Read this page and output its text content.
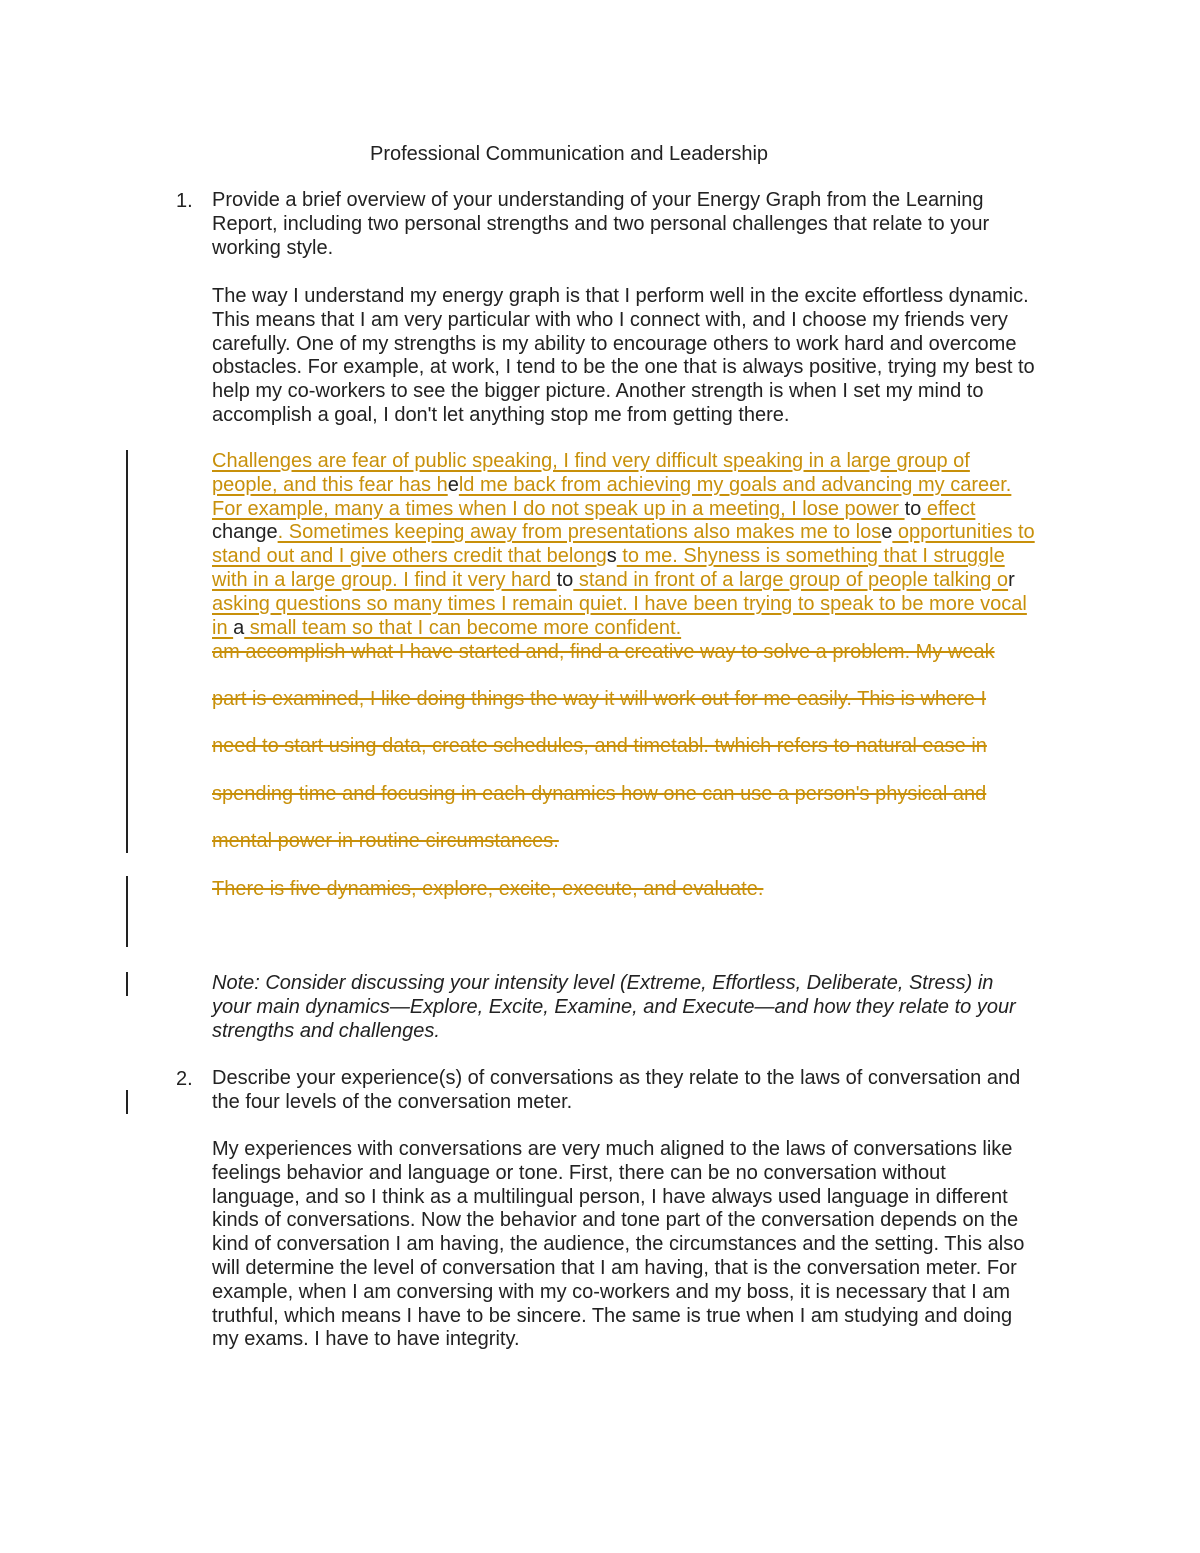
Professional Communication and Leadership
1. Provide a brief overview of your understanding of your Energy Graph from the Learning
Report, including two personal strengths and two personal challenges that relate to your
working style.
The way I understand my energy graph is that I perform well in the excite effortless dynamic.
This means that I am very particular with who I connect with, and I choose my friends very
carefully. One of my strengths is my ability to encourage others to work hard and overcome
obstacles. For example, at work, I tend to be the one that is always positive, trying my best to
help my co-workers to see the bigger picture. Another strength is when I set my mind to
accomplish a goal, I don't let anything stop me from getting there.
Challenges are fear of public speaking, I find very difficult speaking in a large group of
people, and this fear has held me back from achieving my goals and advancing my career.
For example, many a times when I do not speak up in a meeting, I lose power to effect
change. Sometimes keeping away from presentations also makes me to lose opportunities to
stand out and I give others credit that belongs to me. Shyness is something that I struggle
with in a large group. I find it very hard to stand in front of a large group of people talking or
asking questions so many times I remain quiet. I have been trying to speak to be more vocal
in a small team so that I can become more confident.
am accomplish what I have started and, find a creative way to solve a problem. My weak
part is examined, I like doing things the way it will work out for me easily. This is where I
need to start using data, create schedules, and timetabl. twhich refers to natural ease in
spending time and focusing in each dynamics how one can use a person's physical and
mental power in routine circumstances.
There is five dynamics, explore, excite, execute, and evaluate.
Note: Consider discussing your intensity level (Extreme, Effortless, Deliberate, Stress) in
your main dynamics—Explore, Excite, Examine, and Execute—and how they relate to your
strengths and challenges.
2. Describe your experience(s) of conversations as they relate to the laws of conversation and
the four levels of the conversation meter.
My experiences with conversations are very much aligned to the laws of conversations like
feelings behavior and language or tone. First, there can be no conversation without
language, and so I think as a multilingual person, I have always used language in different
kinds of conversations. Now the behavior and tone part of the conversation depends on the
kind of conversation I am having, the audience, the circumstances and the setting. This also
will determine the level of conversation that I am having, that is the conversation meter. For
example, when I am conversing with my co-workers and my boss, it is necessary that I am
truthful, which means I have to be sincere. The same is true when I am studying and doing
my exams. I have to have integrity.
